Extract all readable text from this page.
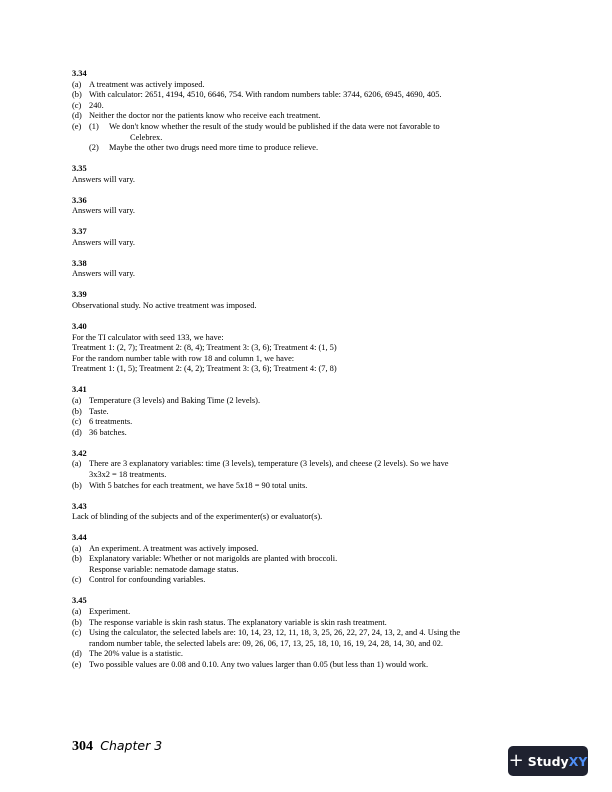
3.34
(a) A treatment was actively imposed.
(b) With calculator: 2651, 4194, 4510, 6646, 754. With random numbers table: 3744, 6206, 6945, 4690, 405.
(c) 240.
(d) Neither the doctor nor the patients know who receive each treatment.
(e) (1) We don't know whether the result of the study would be published if the data were not favorable to
Celebrex.
(2) Maybe the other two drugs need more time to produce relieve.
3.35
Answers will vary.
3.36
Answers will vary.
3.37
Answers will vary.
3.38
Answers will vary.
3.39
Observational study. No active treatment was imposed.
3.40
For the TI calculator with seed 133, we have:
Treatment 1: (2, 7); Treatment 2: (8, 4); Treatment 3: (3, 6); Treatment 4: (1, 5)
For the random number table with row 18 and column 1, we have:
Treatment 1: (1, 5); Treatment 2: (4, 2); Treatment 3: (3, 6); Treatment 4: (7, 8)
3.41
(a) Temperature (3 levels) and Baking Time (2 levels).
(b) Taste.
(c) 6 treatments.
(d) 36 batches.
3.42
(a) There are 3 explanatory variables: time (3 levels), temperature (3 levels), and cheese (2 levels). So we have
3x3x2 = 18 treatments.
(b) With 5 batches for each treatment, we have 5x18 = 90 total units.
3.43
Lack of blinding of the subjects and of the experimenter(s) or evaluator(s).
3.44
(a) An experiment. A treatment was actively imposed.
(b) Explanatory variable: Whether or not marigolds are planted with broccoli.
Response variable: nematode damage status.
(c) Control for confounding variables.
3.45
(a) Experiment.
(b) The response variable is skin rash status. The explanatory variable is skin rash treatment.
(c) Using the calculator, the selected labels are: 10, 14, 23, 12, 11, 18, 3, 25, 26, 22, 27, 24, 13, 2, and 4. Using the
random number table, the selected labels are: 09, 26, 06, 17, 13, 25, 18, 10, 16, 19, 24, 28, 14, 30, and 02.
(d) The 20% value is a statistic.
(e) Two possible values are 0.08 and 0.10. Any two values larger than 0.05 (but less than 1) would work.
304 Chapter 3
+ Study XY
